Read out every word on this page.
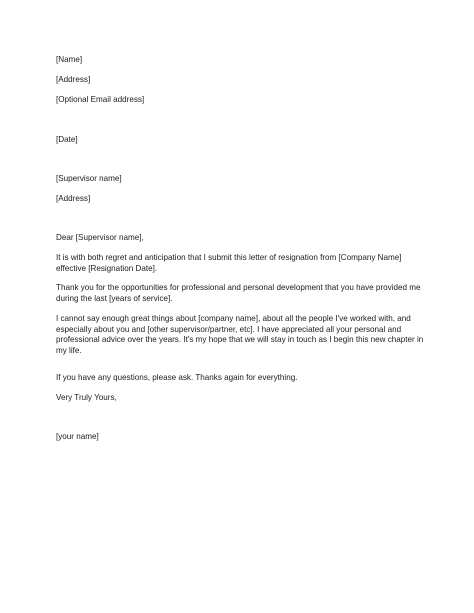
[Name]

[Address]

[Optional Email address]

[Date]

[Supervisor name]

[Address]

Dear [Supervisor name],

It is with both regret and anticipation that I submit this letter of resignation from [Company Name]
effective [Resignation Date].
Thank you for the opportunities for professional and personal development that you have provided me
during the last [years of service].
I cannot say enough great things about [company name], about all the people I've worked with, and
especially about you and [other supervisor/partner, etc]. I have appreciated all your personal and
professional advice over the years. It's my hope that we will stay in touch as I begin this new chapter in
my life.
If you have any questions, please ask. Thanks again for everything.

Very Truly Yours,

[your name]
